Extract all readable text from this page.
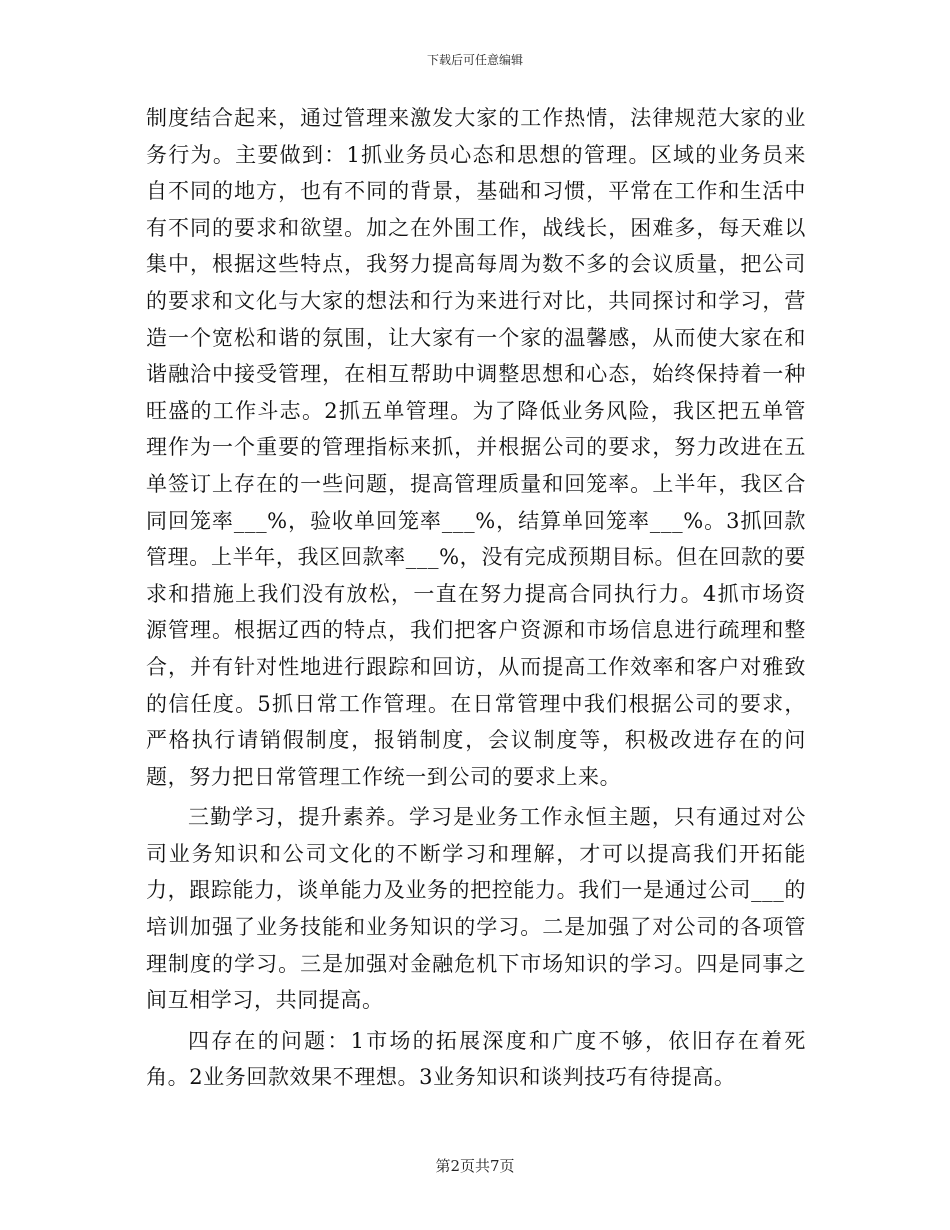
下载后可任意编辑

制度结合起来，通过管理来激发大家的工作热情，法律规范大家的业务行为。主要做到：1抓业务员心态和思想的管理。区域的业务员来自不同的地方，也有不同的背景，基础和习惯，平常在工作和生活中有不同的要求和欲望。加之在外围工作，战线长，困难多，每天难以集中，根据这些特点，我努力提高每周为数不多的会议质量，把公司的要求和文化与大家的想法和行为来进行对比，共同探讨和学习，营造一个宽松和谐的氛围，让大家有一个家的温馨感，从而使大家在和谐融洽中接受管理，在相互帮助中调整思想和心态，始终保持着一种旺盛的工作斗志。2抓五单管理。为了降低业务风险，我区把五单管理作为一个重要的管理指标来抓，并根据公司的要求，努力改进在五单签订上存在的一些问题，提高管理质量和回笼率。上半年，我区合同回笼率___%，验收单回笼率___%，结算单回笼率___%。3抓回款管理。上半年，我区回款率___%，没有完成预期目标。但在回款的要求和措施上我们没有放松，一直在努力提高合同执行力。4抓市场资源管理。根据辽西的特点，我们把客户资源和市场信息进行疏理和整合，并有针对性地进行跟踪和回访，从而提高工作效率和客户对雅致的信任度。5抓日常工作管理。在日常管理中我们根据公司的要求，严格执行请销假制度，报销制度，会议制度等，积极改进存在的问题，努力把日常管理工作统一到公司的要求上来。

三勤学习，提升素养。学习是业务工作永恒主题，只有通过对公司业务知识和公司文化的不断学习和理解，才可以提高我们开拓能力，跟踪能力，谈单能力及业务的把控能力。我们一是通过公司___的培训加强了业务技能和业务知识的学习。二是加强了对公司的各项管理制度的学习。三是加强对金融危机下市场知识的学习。四是同事之间互相学习，共同提高。

四存在的问题：1市场的拓展深度和广度不够，依旧存在着死角。2业务回款效果不理想。3业务知识和谈判技巧有待提高。

第2页共7页
